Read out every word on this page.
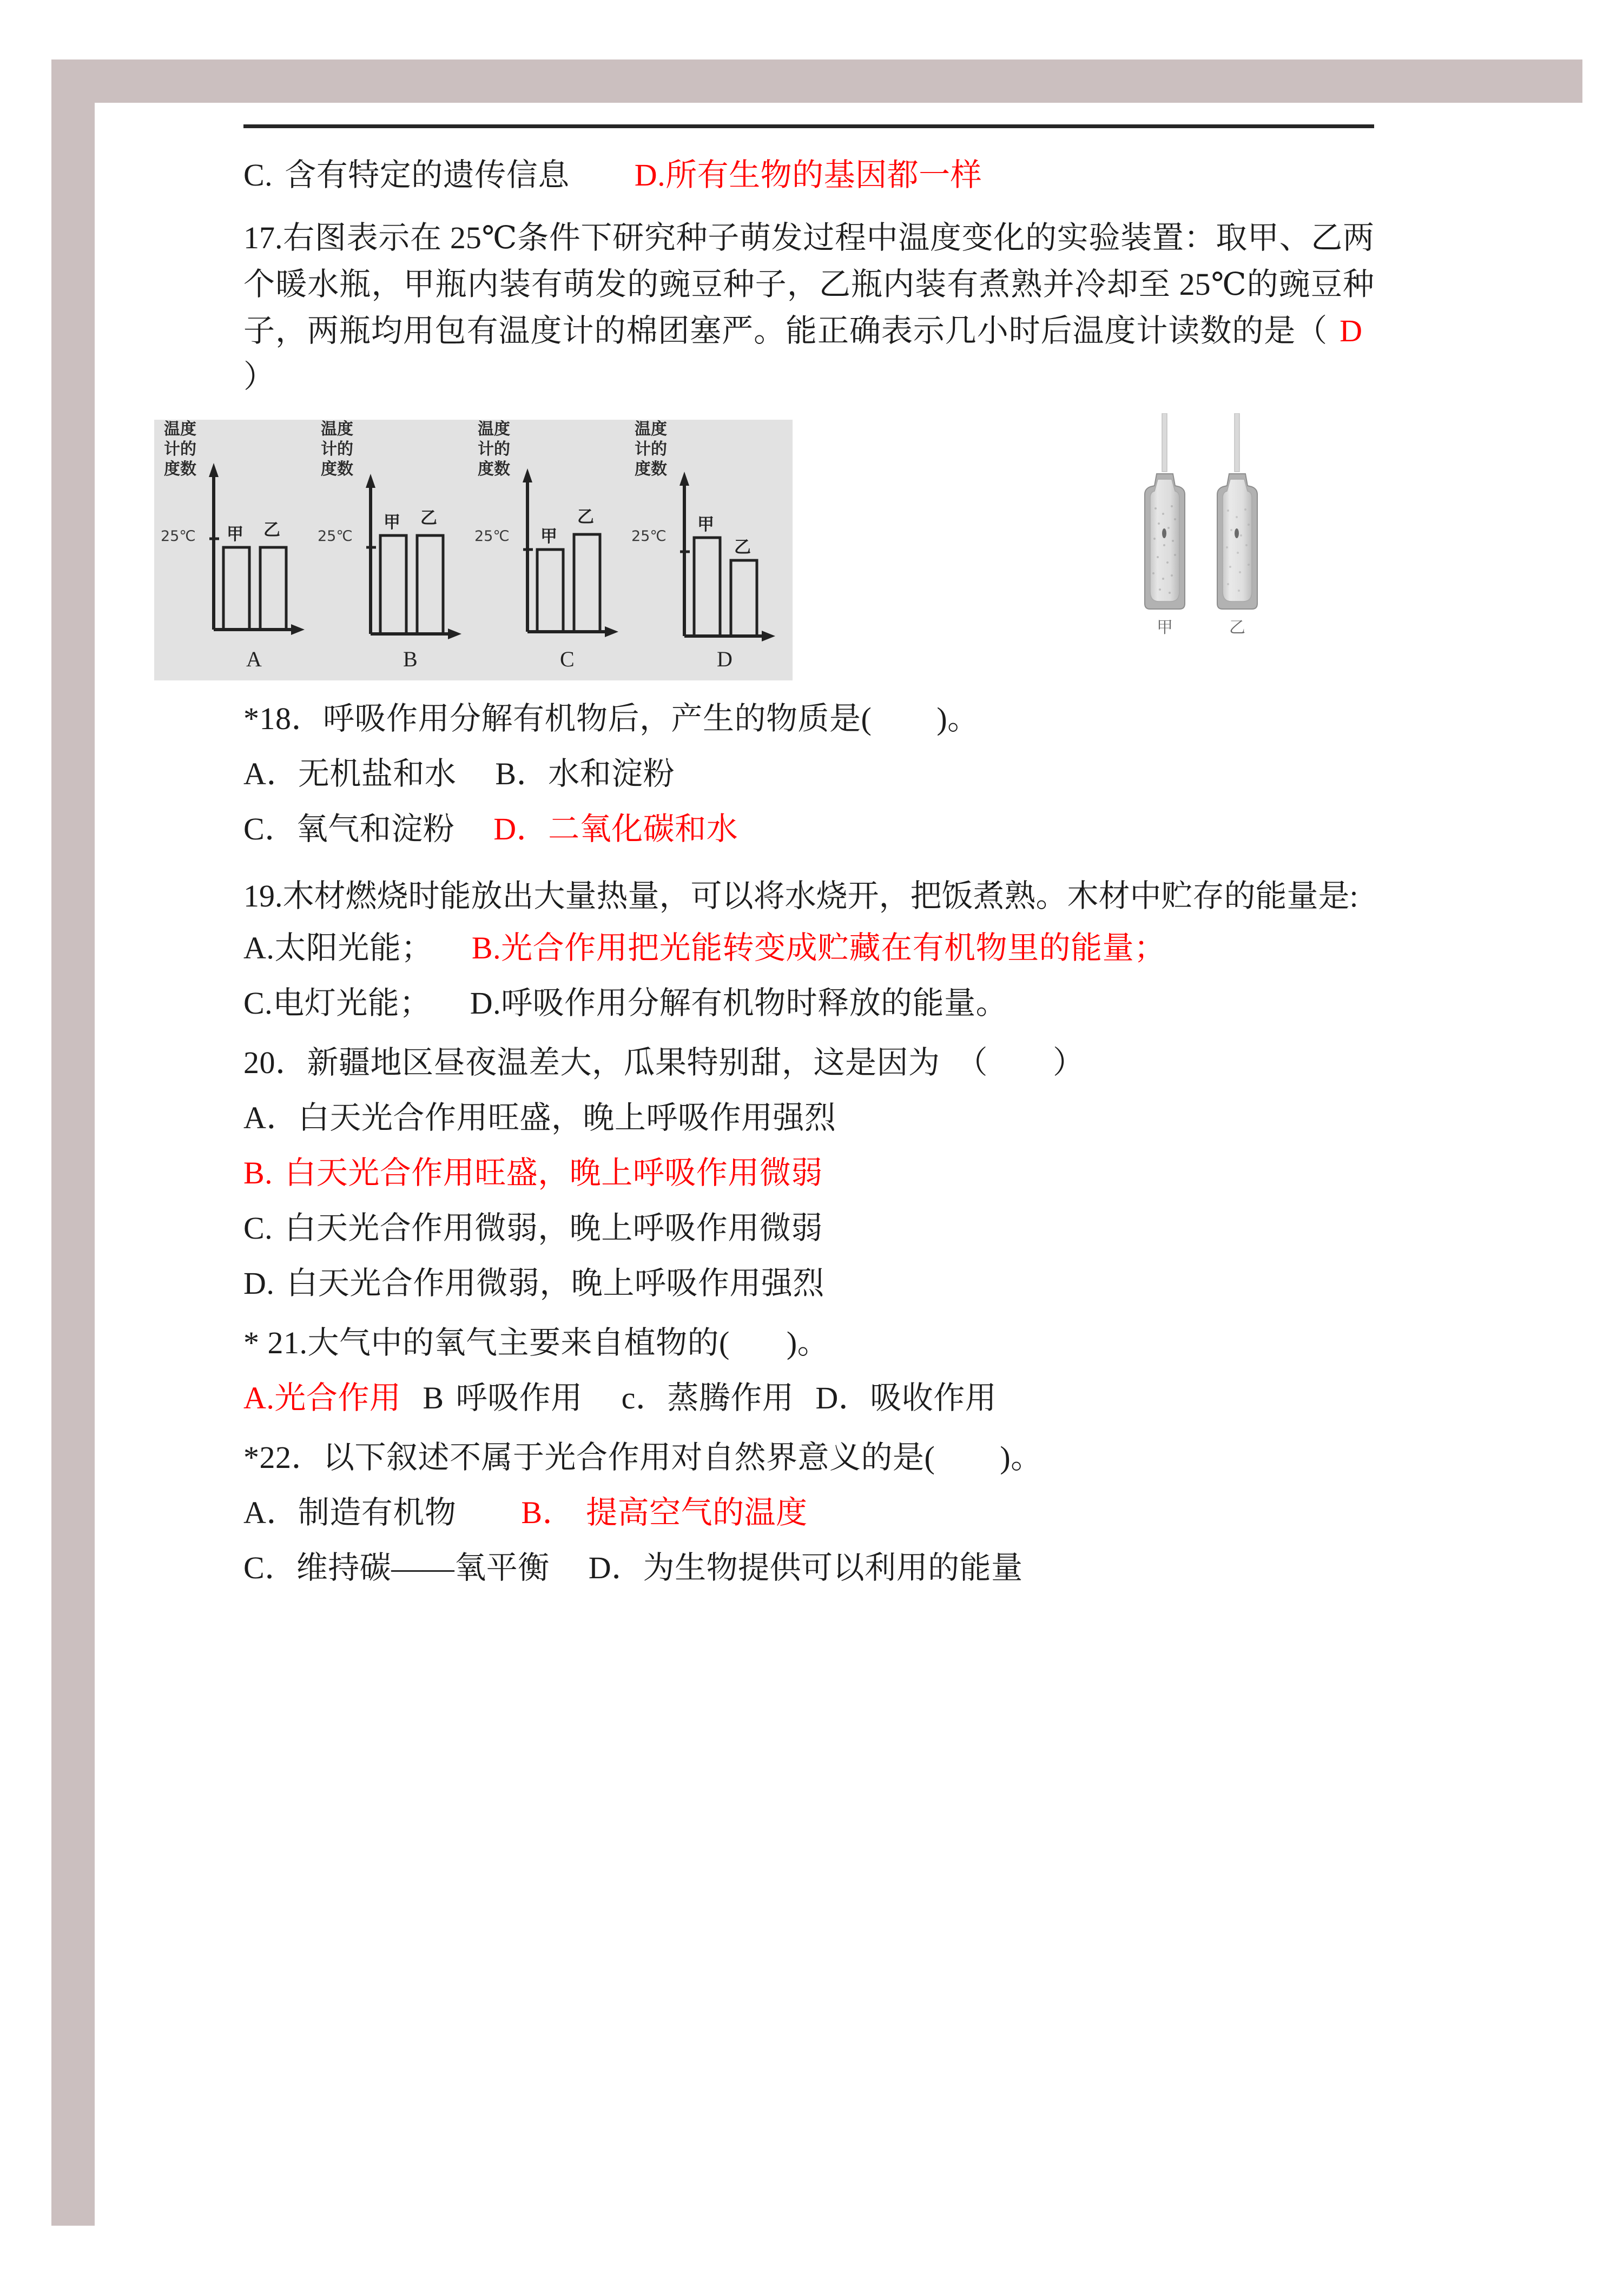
C. 含有特定的遗传信息 D.所有生物的基因都一样
17.右图表示在 25℃条件下研究种子萌发过程中温度变化的实验装置：取甲、乙两个暖水瓶，甲瓶内装有萌发的豌豆种子，乙瓶内装有煮熟并冷却至 25℃的豌豆种子，两瓶均用包有温度计的棉团塞严。能正确表示几小时后温度计读数的是（ D）
温度
计的
度数
25℃ 甲 乙
A
温度
计的
度数
25℃
甲 乙
B
温度
计的
度数
25℃ 甲
乙
C
温度
计的
度数
25℃
甲
乙
D
甲	乙
*18．呼吸作用分解有机物后，产生的物质是(        )。
A．无机盐和水 B．水和淀粉
C．氧气和淀粉 D．二氧化碳和水
19.木材燃烧时能放出大量热量，可以将水烧开，把饭煮熟。木材中贮存的能量是:
A.太阳光能； B.光合作用把光能转变成贮藏在有机物里的能量；
C.电灯光能； D.呼吸作用分解有机物时释放的能量。
20．新疆地区昼夜温差大，瓜果特别甜，这是因为  （        ）
A．白天光合作用旺盛，晚上呼吸作用强烈
B. 白天光合作用旺盛，晚上呼吸作用微弱
C. 白天光合作用微弱，晚上呼吸作用微弱
D. 白天光合作用微弱，晚上呼吸作用强烈
* 21.大气中的氧气主要来自植物的(       )。
A.光合作用 B 呼吸作用 c．蒸腾作用 D．吸收作用
*22．以下叙述不属于光合作用对自然界意义的是(        )。
A．制造有机物 B． 提高空气的温度
C．维持碳——氧平衡 D．为生物提供可以利用的能量
